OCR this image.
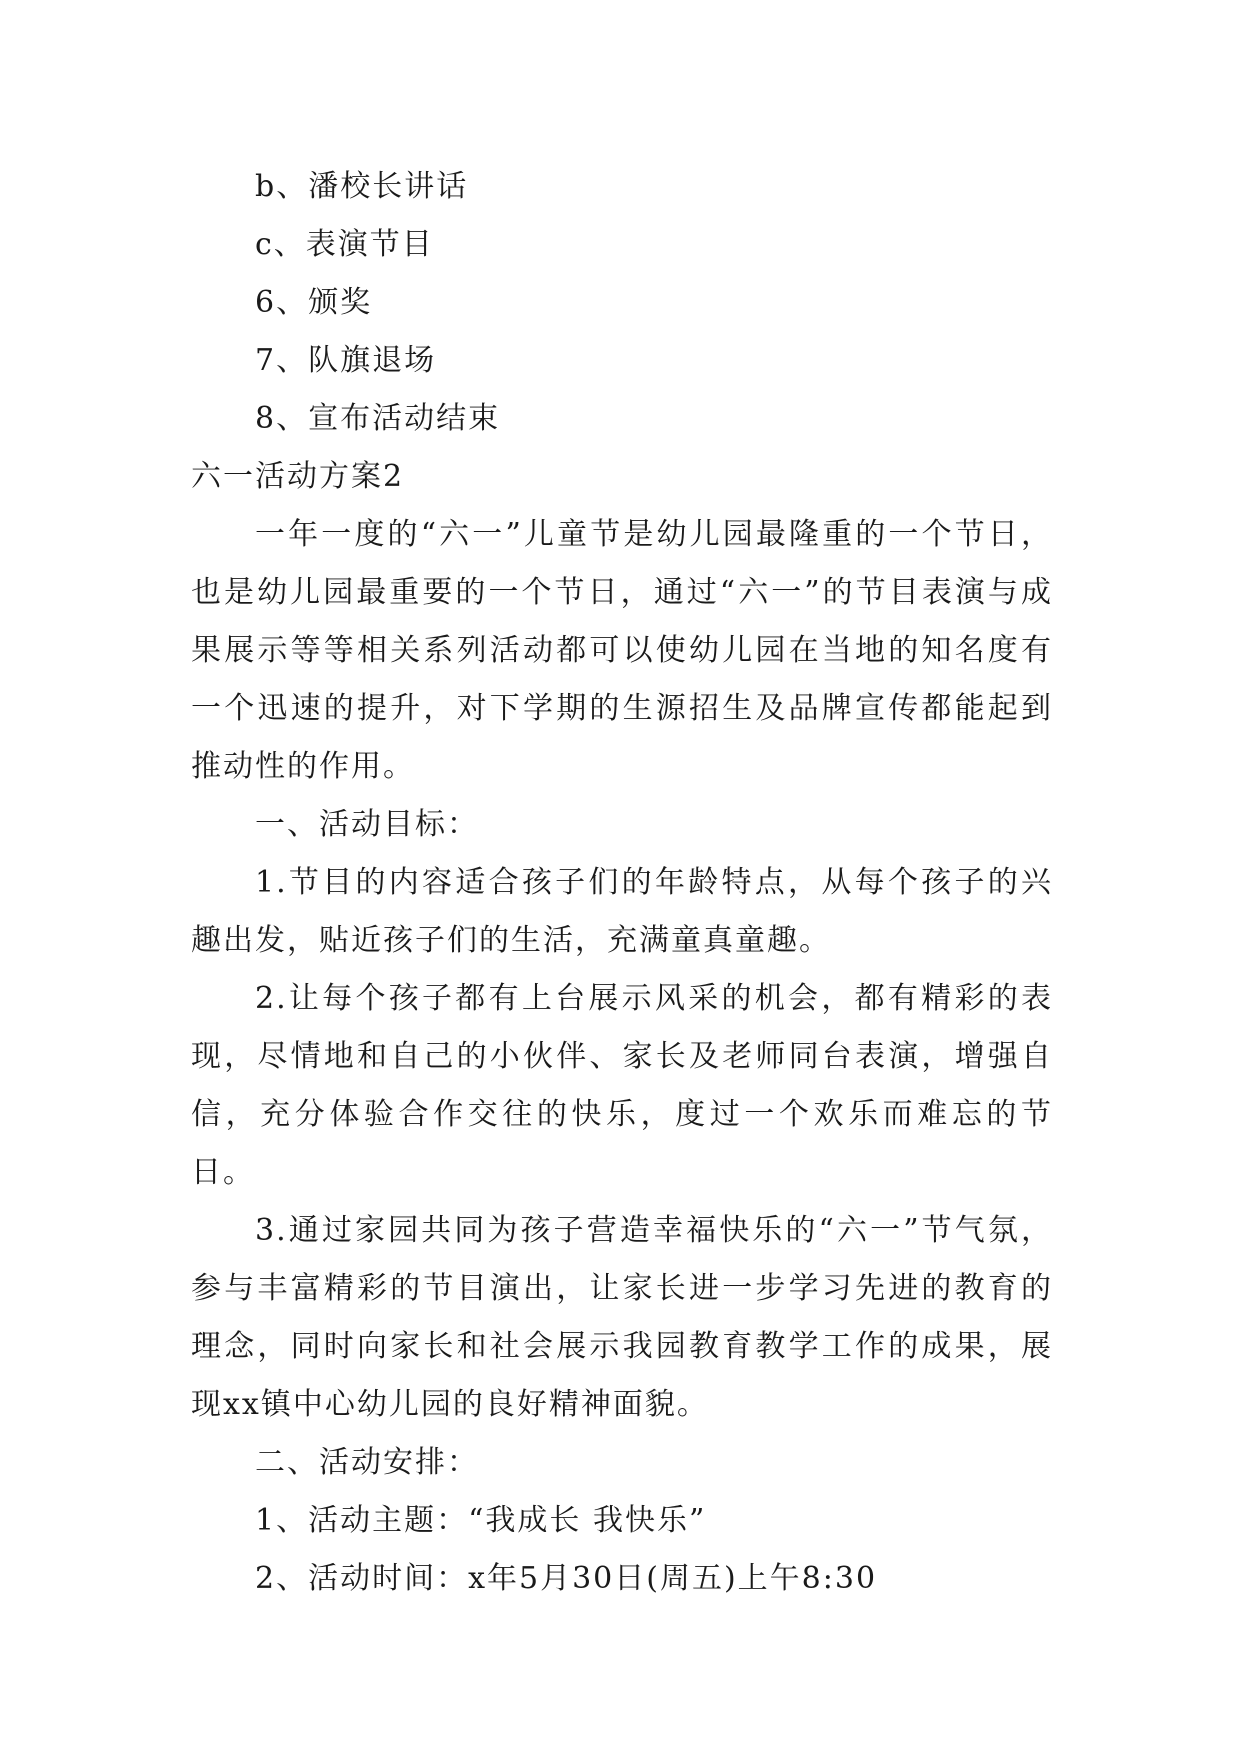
b、潘校长讲话
c、表演节目
6、颁奖
7、队旗退场
8、宣布活动结束
六一活动方案2
一年一度的“六一”儿童节是幼儿园最隆重的一个节日，也是幼儿园最重要的一个节日，通过“六一”的节目表演与成果展示等等相关系列活动都可以使幼儿园在当地的知名度有一个迅速的提升，对下学期的生源招生及品牌宣传都能起到推动性的作用。
一、活动目标：
1.节目的内容适合孩子们的年龄特点，从每个孩子的兴趣出发，贴近孩子们的生活，充满童真童趣。
2.让每个孩子都有上台展示风采的机会，都有精彩的表现，尽情地和自己的小伙伴、家长及老师同台表演，增强自信，充分体验合作交往的快乐，度过一个欢乐而难忘的节日。
3.通过家园共同为孩子营造幸福快乐的“六一”节气氛，参与丰富精彩的节目演出，让家长进一步学习先进的教育的理念，同时向家长和社会展示我园教育教学工作的成果，展现xx镇中心幼儿园的良好精神面貌。
二、活动安排：
1、活动主题：“我成长 我快乐”
2、活动时间：x年5月30日(周五)上午8:30
